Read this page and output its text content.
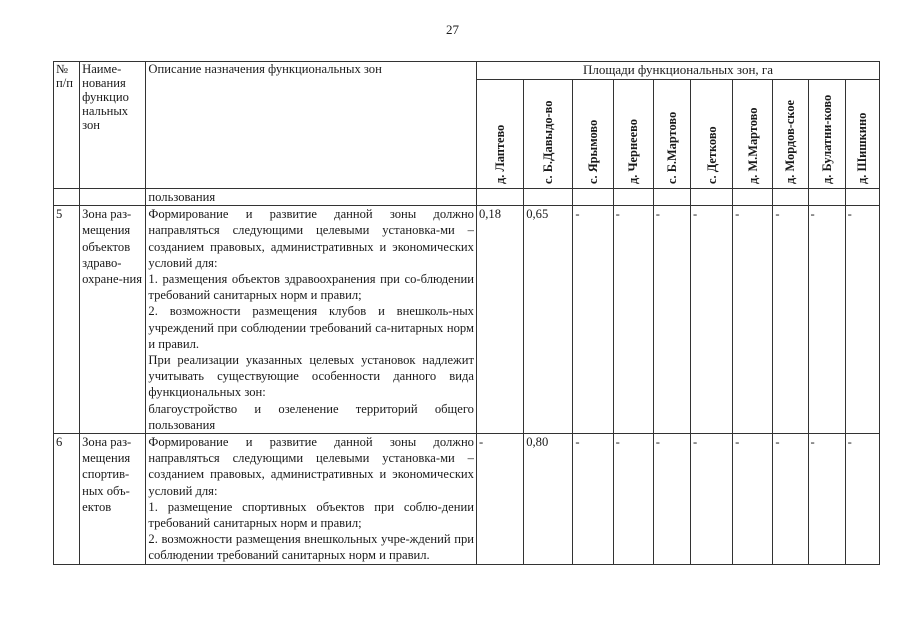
27
№ п/п	Наиме-нования функцио нальных зон	Описание назначения функциональных зон	Площади функциональных зон, га									

			д. Лаптево	с. Б.Давыдо-во	с. Ярымово	д. Чернеево	с. Б.Мартово	с. Детково	д. М.Мартово	д. Мордов-ское	д. Булатни-ково	д. Шишкино

		пользования										
5	Зона раз-мещения объектов здраво-охране-ния	Формирование и развитие данной зоны должно направляться следующими целевыми установка-ми – созданием правовых, административных и экономических условий для:
1. размещения объектов здравоохранения при со-блюдении требований санитарных норм и правил;
2. возможности размещения клубов и внешколь-ных учреждений при соблюдении требований са-нитарных норм и правил.
При реализации указанных целевых установок надлежит учитывать существующие особенности данного вида функциональных зон:
благоустройство и озеленение территорий общего пользования	0,18	0,65	-	-	-	-	-	-	-	-
6	Зона раз-мещения спортив-ных объ-ектов	Формирование и развитие данной зоны должно направляться следующими целевыми установка-ми – созданием правовых, административных и экономических условий для:
1. размещение спортивных объектов при соблю-дении требований санитарных норм и правил;
2. возможности размещения внешкольных учре-ждений при соблюдении требований санитарных норм и правил.	-	0,80	-	-	-	-	-	-	-	-
